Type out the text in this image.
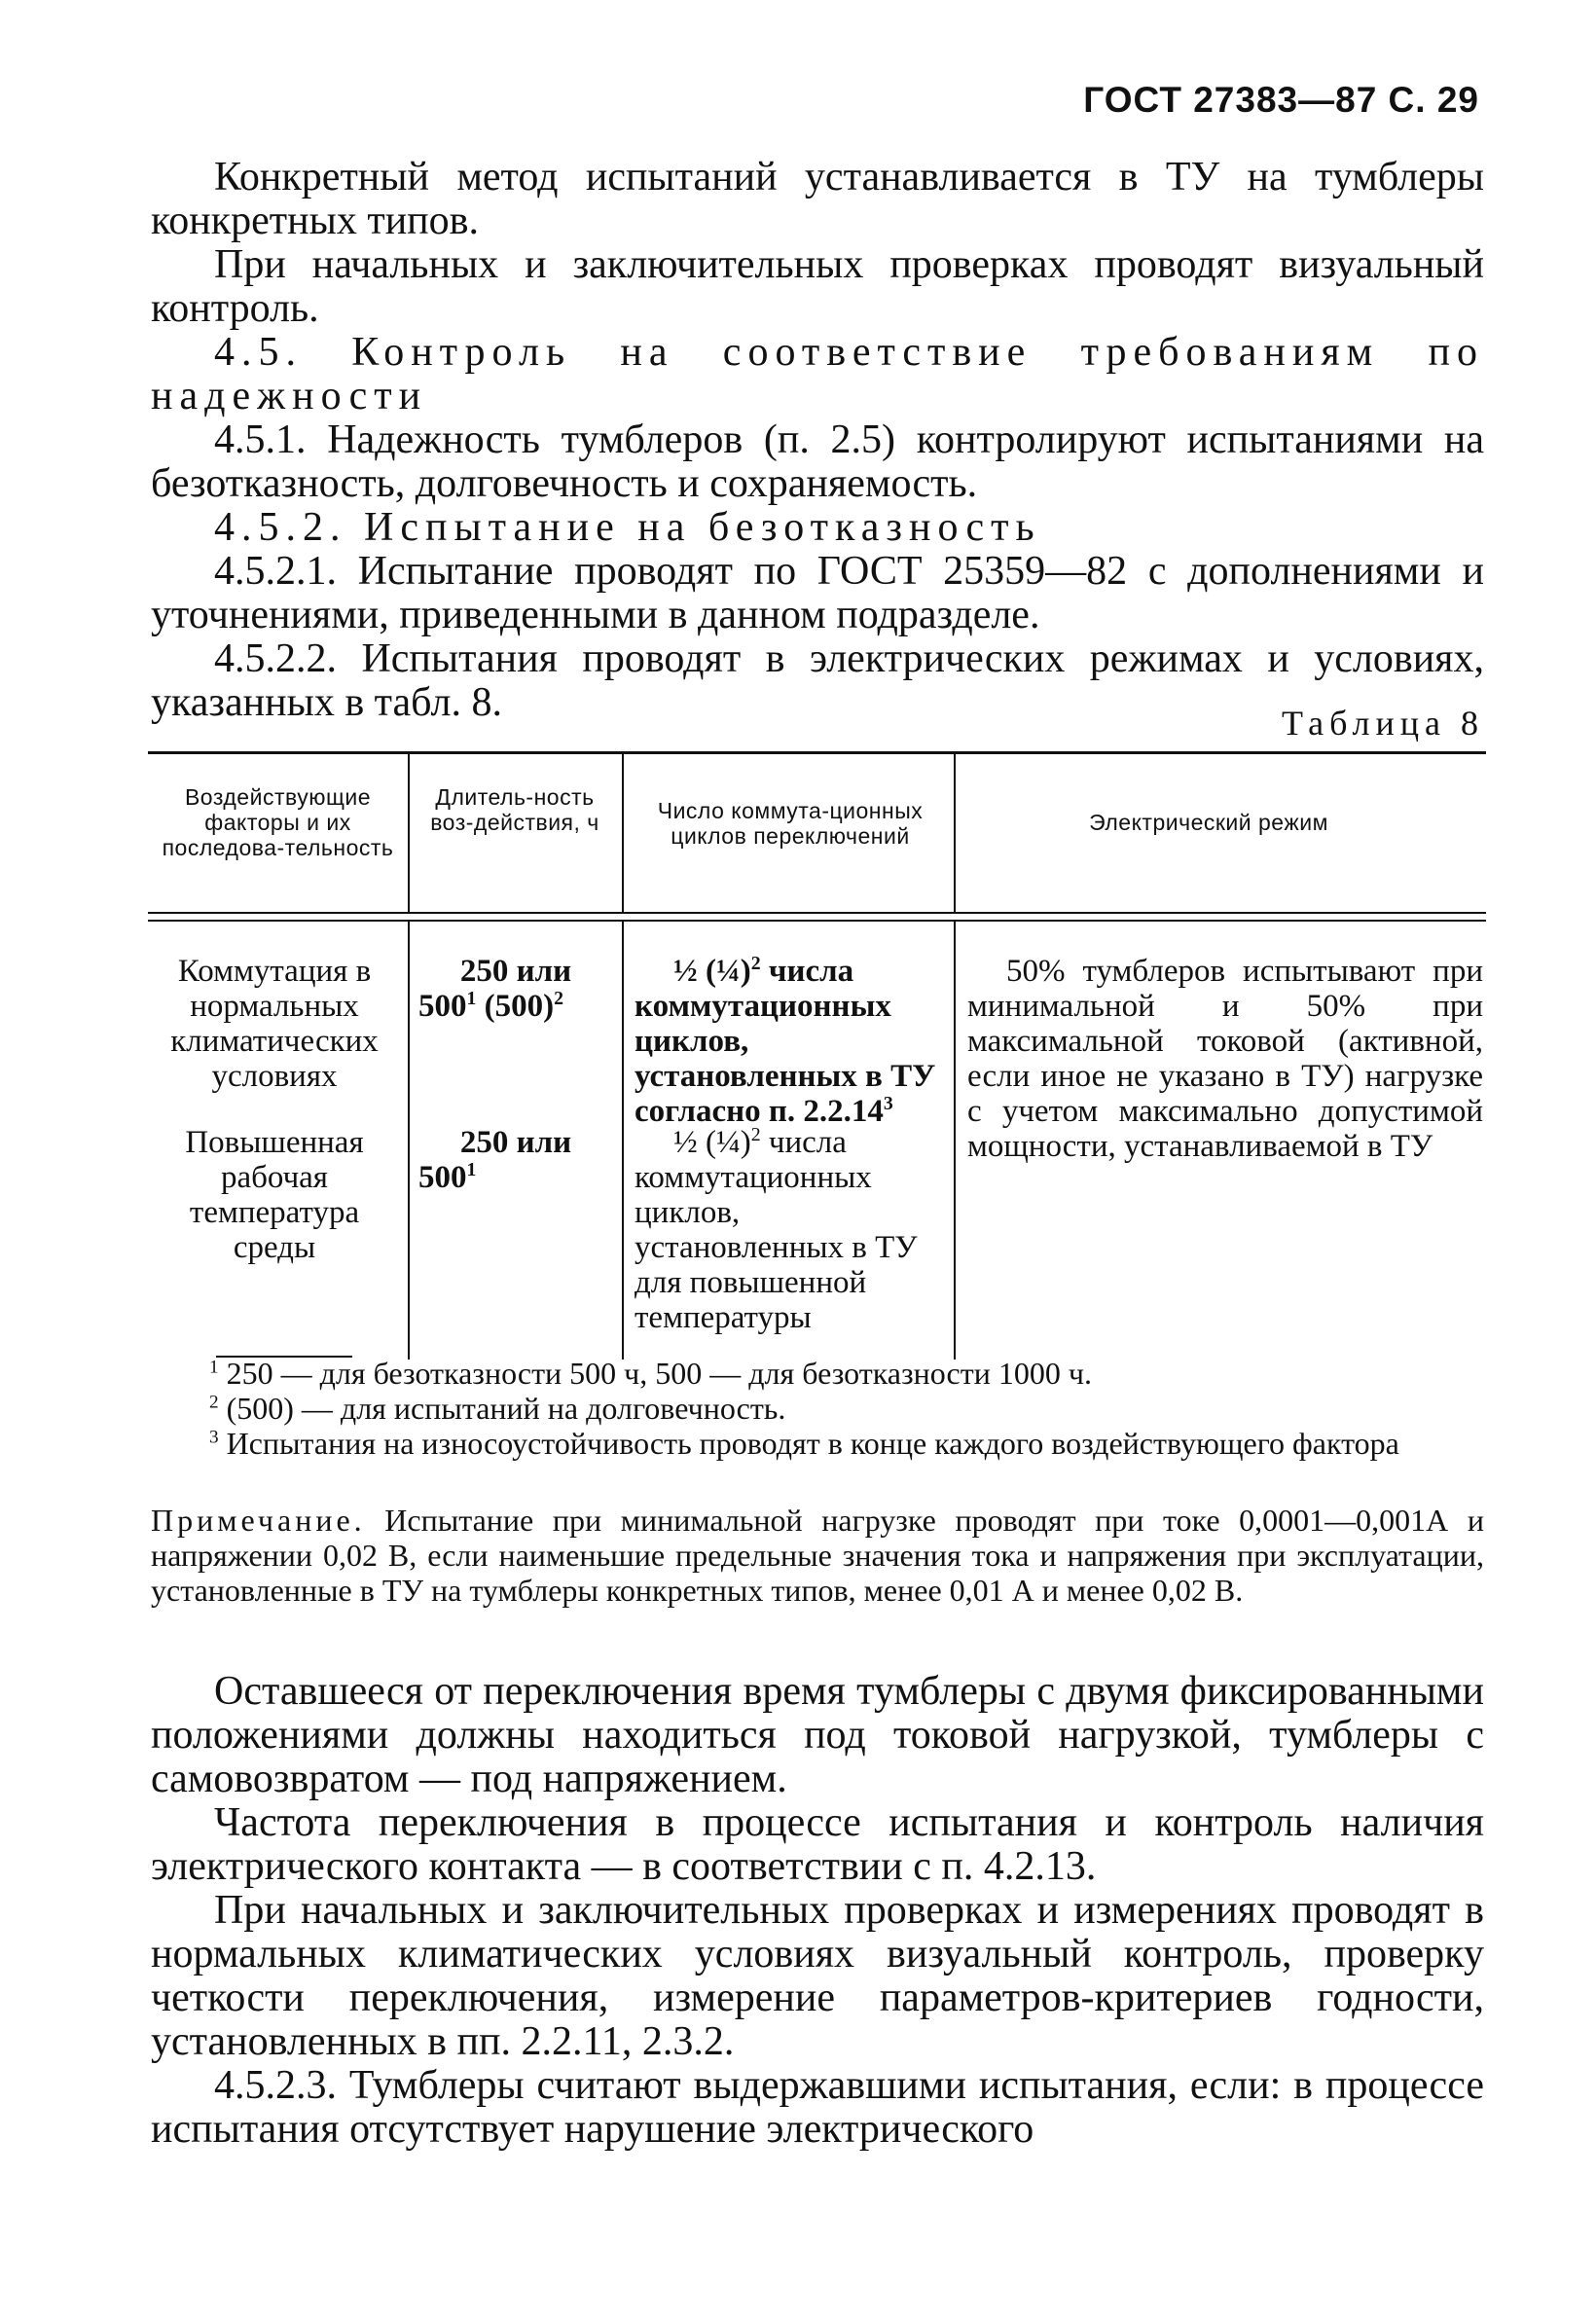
ГОСТ 27383—87 С. 29

Конкретный метод испытаний устанавливается в ТУ на тумблеры конкретных типов.

При начальных и заключительных проверках проводят визуальный контроль.

4.5. Контроль на соответствие требованиям по надежности

4.5.1. Надежность тумблеров (п. 2.5) контролируют испытаниями на безотказность, долговечность и сохраняемость.

4.5.2. Испытание на безотказность

4.5.2.1. Испытание проводят по ГОСТ 25359—82 с дополнениями и уточнениями, приведенными в данном подразделе.

4.5.2.2. Испытания проводят в электрических режимах и условиях, указанных в табл. 8.	Таблица 8
Воздействующие факторы и их последова-тельность
Длитель-ность воз-действия, ч	Число коммута-ционных циклов переключений
Электрический режим
Коммутация в нормальных климатических условиях
250 или
$500^1$ $(500)^2$
½ (¼)$^2$ числа коммутационных циклов, установленных в ТУ согласно п. 2.2.14$^3$
50% тумблеров испытывают при минимальной и 50% при максимальной токовой (активной, если иное не указано в ТУ) нагрузке с учетом максимально допустимой мощности, устанавливаемой в ТУ
Повышенная рабочая температура среды
250 или
$500^1$
½ (¼)$^2$ числа коммутационных циклов, установленных в ТУ для повышенной температуры

$^1$ 250 — для безотказности 500 ч, 500 — для безотказности 1000 ч.

$^2$ (500) — для испытаний на долговечность.

$^3$ Испытания на износоустойчивость проводят в конце каждого воздействующего фактора

Примечание. Испытание при минимальной нагрузке проводят при токе 0,0001—0,001А и напряжении 0,02 В, если наименьшие предельные значения тока и напряжения при эксплуатации, установленные в ТУ на тумблеры конкретных типов, менее 0,01 А и менее 0,02 В.

Оставшееся от переключения время тумблеры с двумя фиксированными положениями должны находиться под токовой нагрузкой, тумблеры с самовозвратом — под напряжением.

Частота переключения в процессе испытания и контроль наличия электрического контакта — в соответствии с п. 4.2.13.

При начальных и заключительных проверках и измерениях проводят в нормальных климатических условиях визуальный контроль, проверку четкости переключения, измерение параметров-критериев годности, установленных в пп. 2.2.11, 2.3.2.

4.5.2.3. Тумблеры считают выдержавшими испытания, если: в процессе испытания отсутствует нарушение электрического
